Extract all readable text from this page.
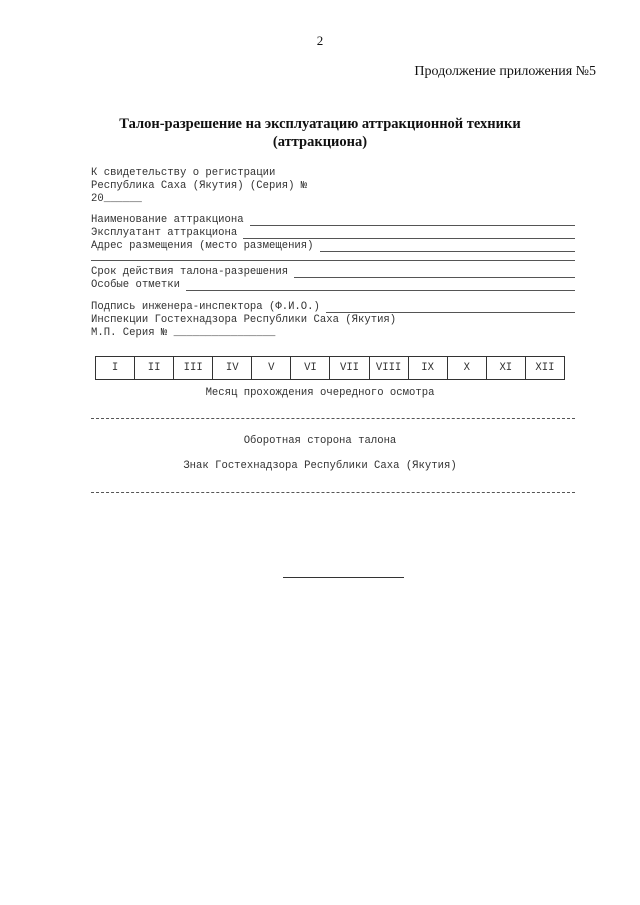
2
Продолжение приложения №5
Талон-разрешение на эксплуатацию аттракционной техники
(аттракциона)
К свидетельству о регистрации
Республика Саха (Якутия) (Серия) №
20______
Наименование аттракциона
Эксплуатант аттракциона
Адрес размещения (место размещения)
Срок действия талона-разрешения
Особые отметки
Подпись инженера-инспектора (Ф.И.О.)
Инспекции Гостехнадзора Республики Саха (Якутия)
М.П. Серия № ________________
I	II	III	IV	V	VI	VII	VIII	IX	X	XI	XII
Месяц прохождения очередного осмотра
Оборотная сторона талона
Знак Гостехнадзора Республики Саха (Якутия)
